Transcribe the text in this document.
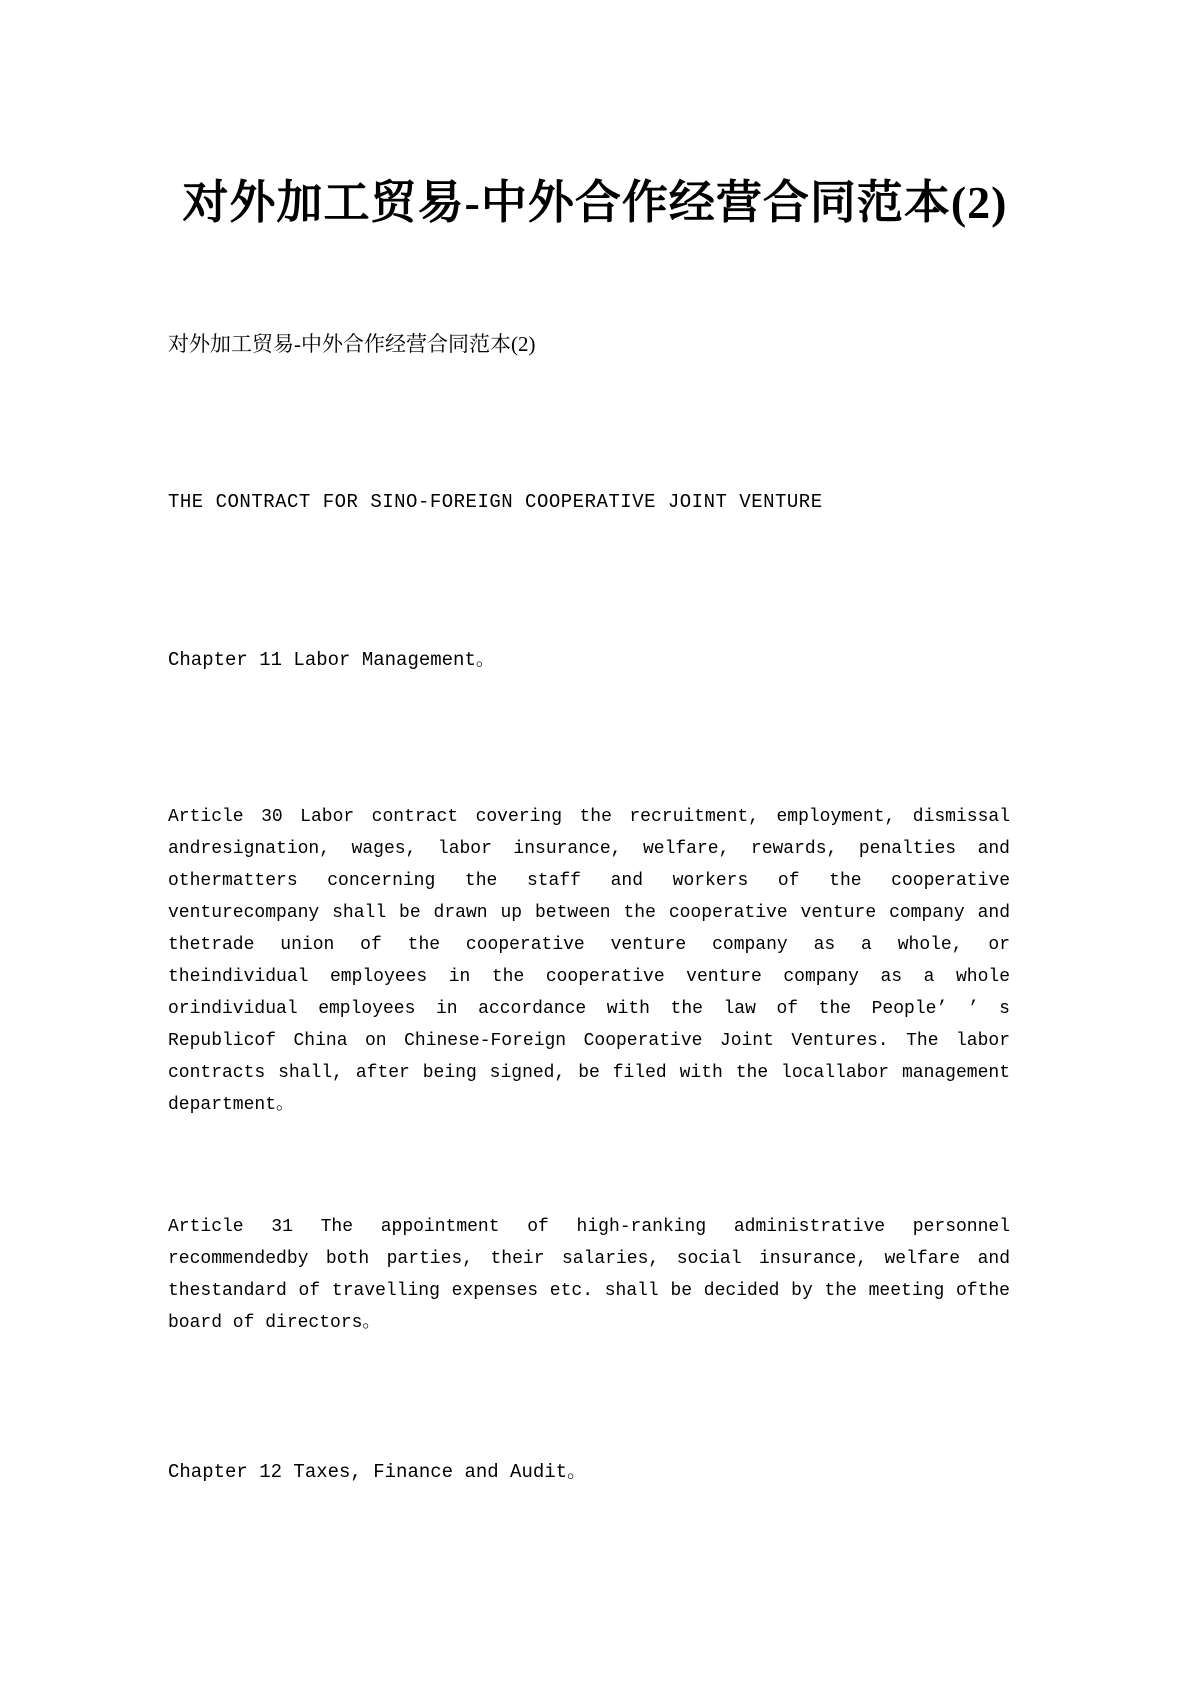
对外加工贸易-中外合作经营合同范本(2)

对外加工贸易-中外合作经营合同范本(2)

THE CONTRACT FOR SINO-FOREIGN COOPERATIVE JOINT VENTURE

Chapter 11 Labor Management。

Article 30 Labor contract covering the recruitment, employment, dismissal andresignation, wages, labor insurance, welfare, rewards, penalties and othermatters concerning the staff and workers of the cooperative venturecompany shall be drawn up between the cooperative venture company and thetrade union of the cooperative venture company as a whole, or theindividual employees in the cooperative venture company as a whole orindividual employees in accordance with the law of the People’ ’ s Republicof China on Chinese-Foreign Cooperative Joint Ventures. The labor contracts shall, after being signed, be filed with the locallabor management department。

Article 31 The appointment of high-ranking administrative personnel recommendedby both parties, their salaries, social insurance, welfare and thestandard of travelling expenses etc. shall be decided by the meeting ofthe board of directors。

Chapter 12 Taxes, Finance and Audit。
